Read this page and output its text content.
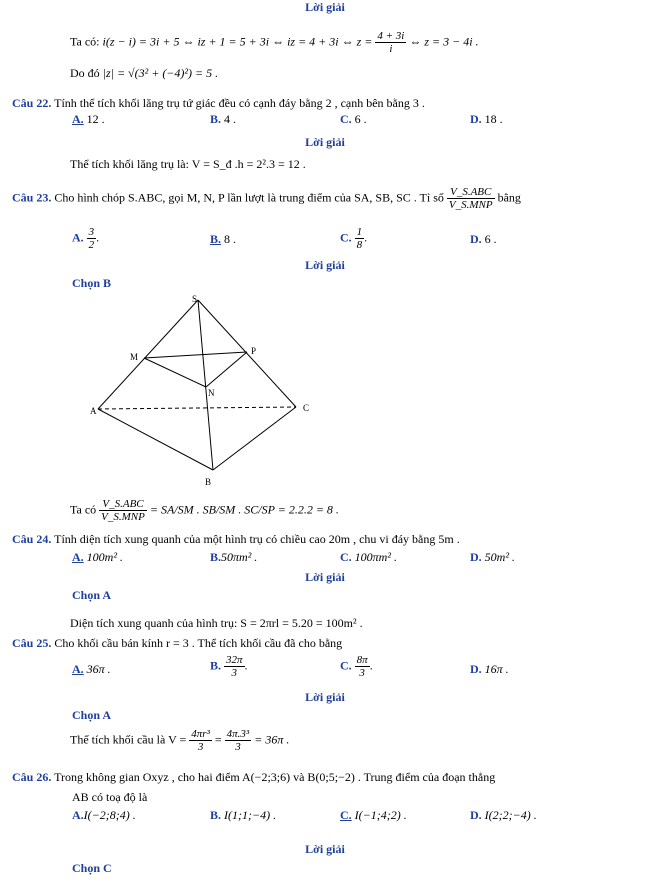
Lời giải
Ta có: i(z − i) = 3i + 5 ⇔ iz + 1 = 5 + 3i ⇔ iz = 4 + 3i ⇔ $z = \frac{4 + 3i}{i}$ ⇔ z = 3 − 4i .
Do đó |z| = √(3² + (−4)²) = 5 .
Câu 22. Tính thể tích khối lăng trụ tứ giác đều có cạnh đáy bằng 2 , cạnh bên bằng 3 .
A. 12 .	B. 4 .	C. 6 .	D. 18 .
Lời giải
Thể tích khối lăng trụ là: V = S_đ .h = 2².3 = 12 .
Câu 23. Cho hình chóp S.ABC, gọi M, N, P lần lượt là trung điểm của SA, SB, SC . Tỉ số $\frac{\text{V\_S.ABC}}{\text{V\_S.MNP}}$ bằng
A. $\frac{3}{2}$ .	B. 8 .	C. $\frac{1}{8}$ .	D. 6 .
Lời giải
Chọn B
S
M
P
N
A	C
B
Ta có $\frac{\text{V\_S.ABC}}{\text{V\_S.MNP}} = SA/SM$ . SB/SM . SC/SP = 2.2.2 = 8 .
Câu 24. Tính diện tích xung quanh của một hình trụ có chiều cao 20m , chu vi đáy bằng 5m .
A. 100m² .	B.50πm² .	C. 100πm² .	D. 50m² .
Lời giải
Chọn A
Diện tích xung quanh của hình trụ: S = 2πrl = 5.20 = 100m² .
Câu 25. Cho khối cầu bán kính r = 3 . Thể tích khối cầu đã cho bằng
A. 36π .	B. $\frac{32\pi}{3}$ .	C. $\frac{8\pi}{3}$ .	D. 16π .
Lời giải
Chọn A
Thể tích khối cầu là $V = \frac{\text{4πr³}}{3} = \frac{\text{4π.3³}}{3} = 36\pi$ .
Câu 26. Trong không gian Oxyz , cho hai điểm A(−2;3;6) và B(0;5;−2) . Trung điểm của đoạn thẳng
AB có toạ độ là
A.I(−2;8;4) .	B. I(1;1;−4) .	C. I(−1;4;2) .	D. I(2;2;−4) .
Lời giải
Chọn C
